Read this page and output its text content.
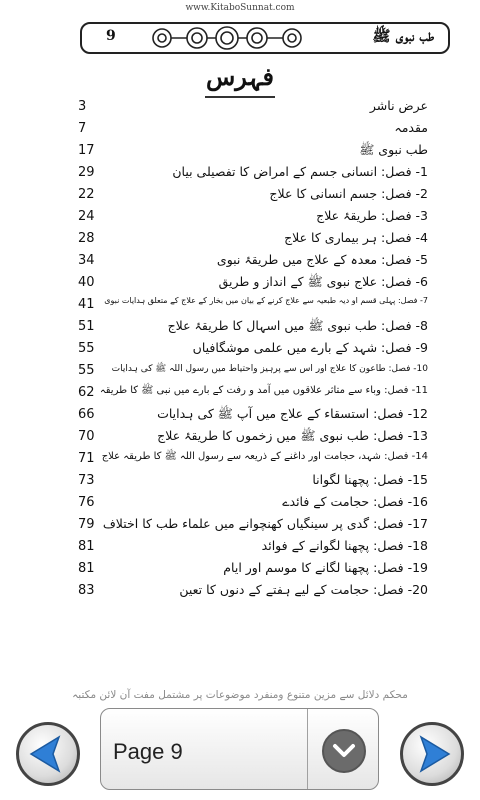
www.KitaboSunnat.com
9	طب نبوی ﷺ
فہرس
3	عرض ناشر
7	مقدمہ
17	طب نبوی ﷺ
29	1- فصل: انسانی جسم کے امراض کا تفصیلی بیان
22	2- فصل: جسم انسانی کا علاج
24	3- فصل: طریقۂ علاج
28	4- فصل: ہر بیماری کا علاج
34	5- فصل: معدہ کے علاج میں طریقۂ نبوی
40	6- فصل: علاج نبوی ﷺ کے انداز و طریق
41 7- فصل: پہلی قسم او دیہ طبعیہ سے علاج کرنے کے بیان میں بخار کے علاج کے متعلق ہدایات نبوی
51	8- فصل: طب نبوی ﷺ میں اسہال کا طریقۂ علاج
55	9- فصل: شہد کے بارے میں علمی موشگافیاں
55 10- فصل: طاعون کا علاج اور اس سے پرہیز واحتیاط میں رسول اللہ ﷺ کی ہدایات
62 11- فصل: وباء سے متاثر علاقوں میں آمد و رفت کے بارے میں نبی ﷺ کا طریقہ
66	12- فصل: استسقاء کے علاج میں آپ ﷺ کی ہدایات
70	13- فصل: طب نبوی ﷺ میں زخموں کا طریقۂ علاج
71 14- فصل: شہد، حجامت اور داغنے کے ذریعہ سے رسول اللہ ﷺ کا طریقہ علاج
73	15- فصل: پچھنا لگوانا
76	16- فصل: حجامت کے فائدے
79 17- فصل: گدی پر سینگیاں کھنچوانے میں علماء طب کا اختلاف
81	18- فصل: پچھنا لگوانے کے فوائد
81	19- فصل: پچھنا لگانے کا موسم اور ایام
83	20- فصل: حجامت کے لیے ہفتے کے دنوں کا تعین
محکم دلائل سے مزین متنوع ومنفرد موضوعات پر مشتمل مفت آن لائن مکتبہ
Page 9
